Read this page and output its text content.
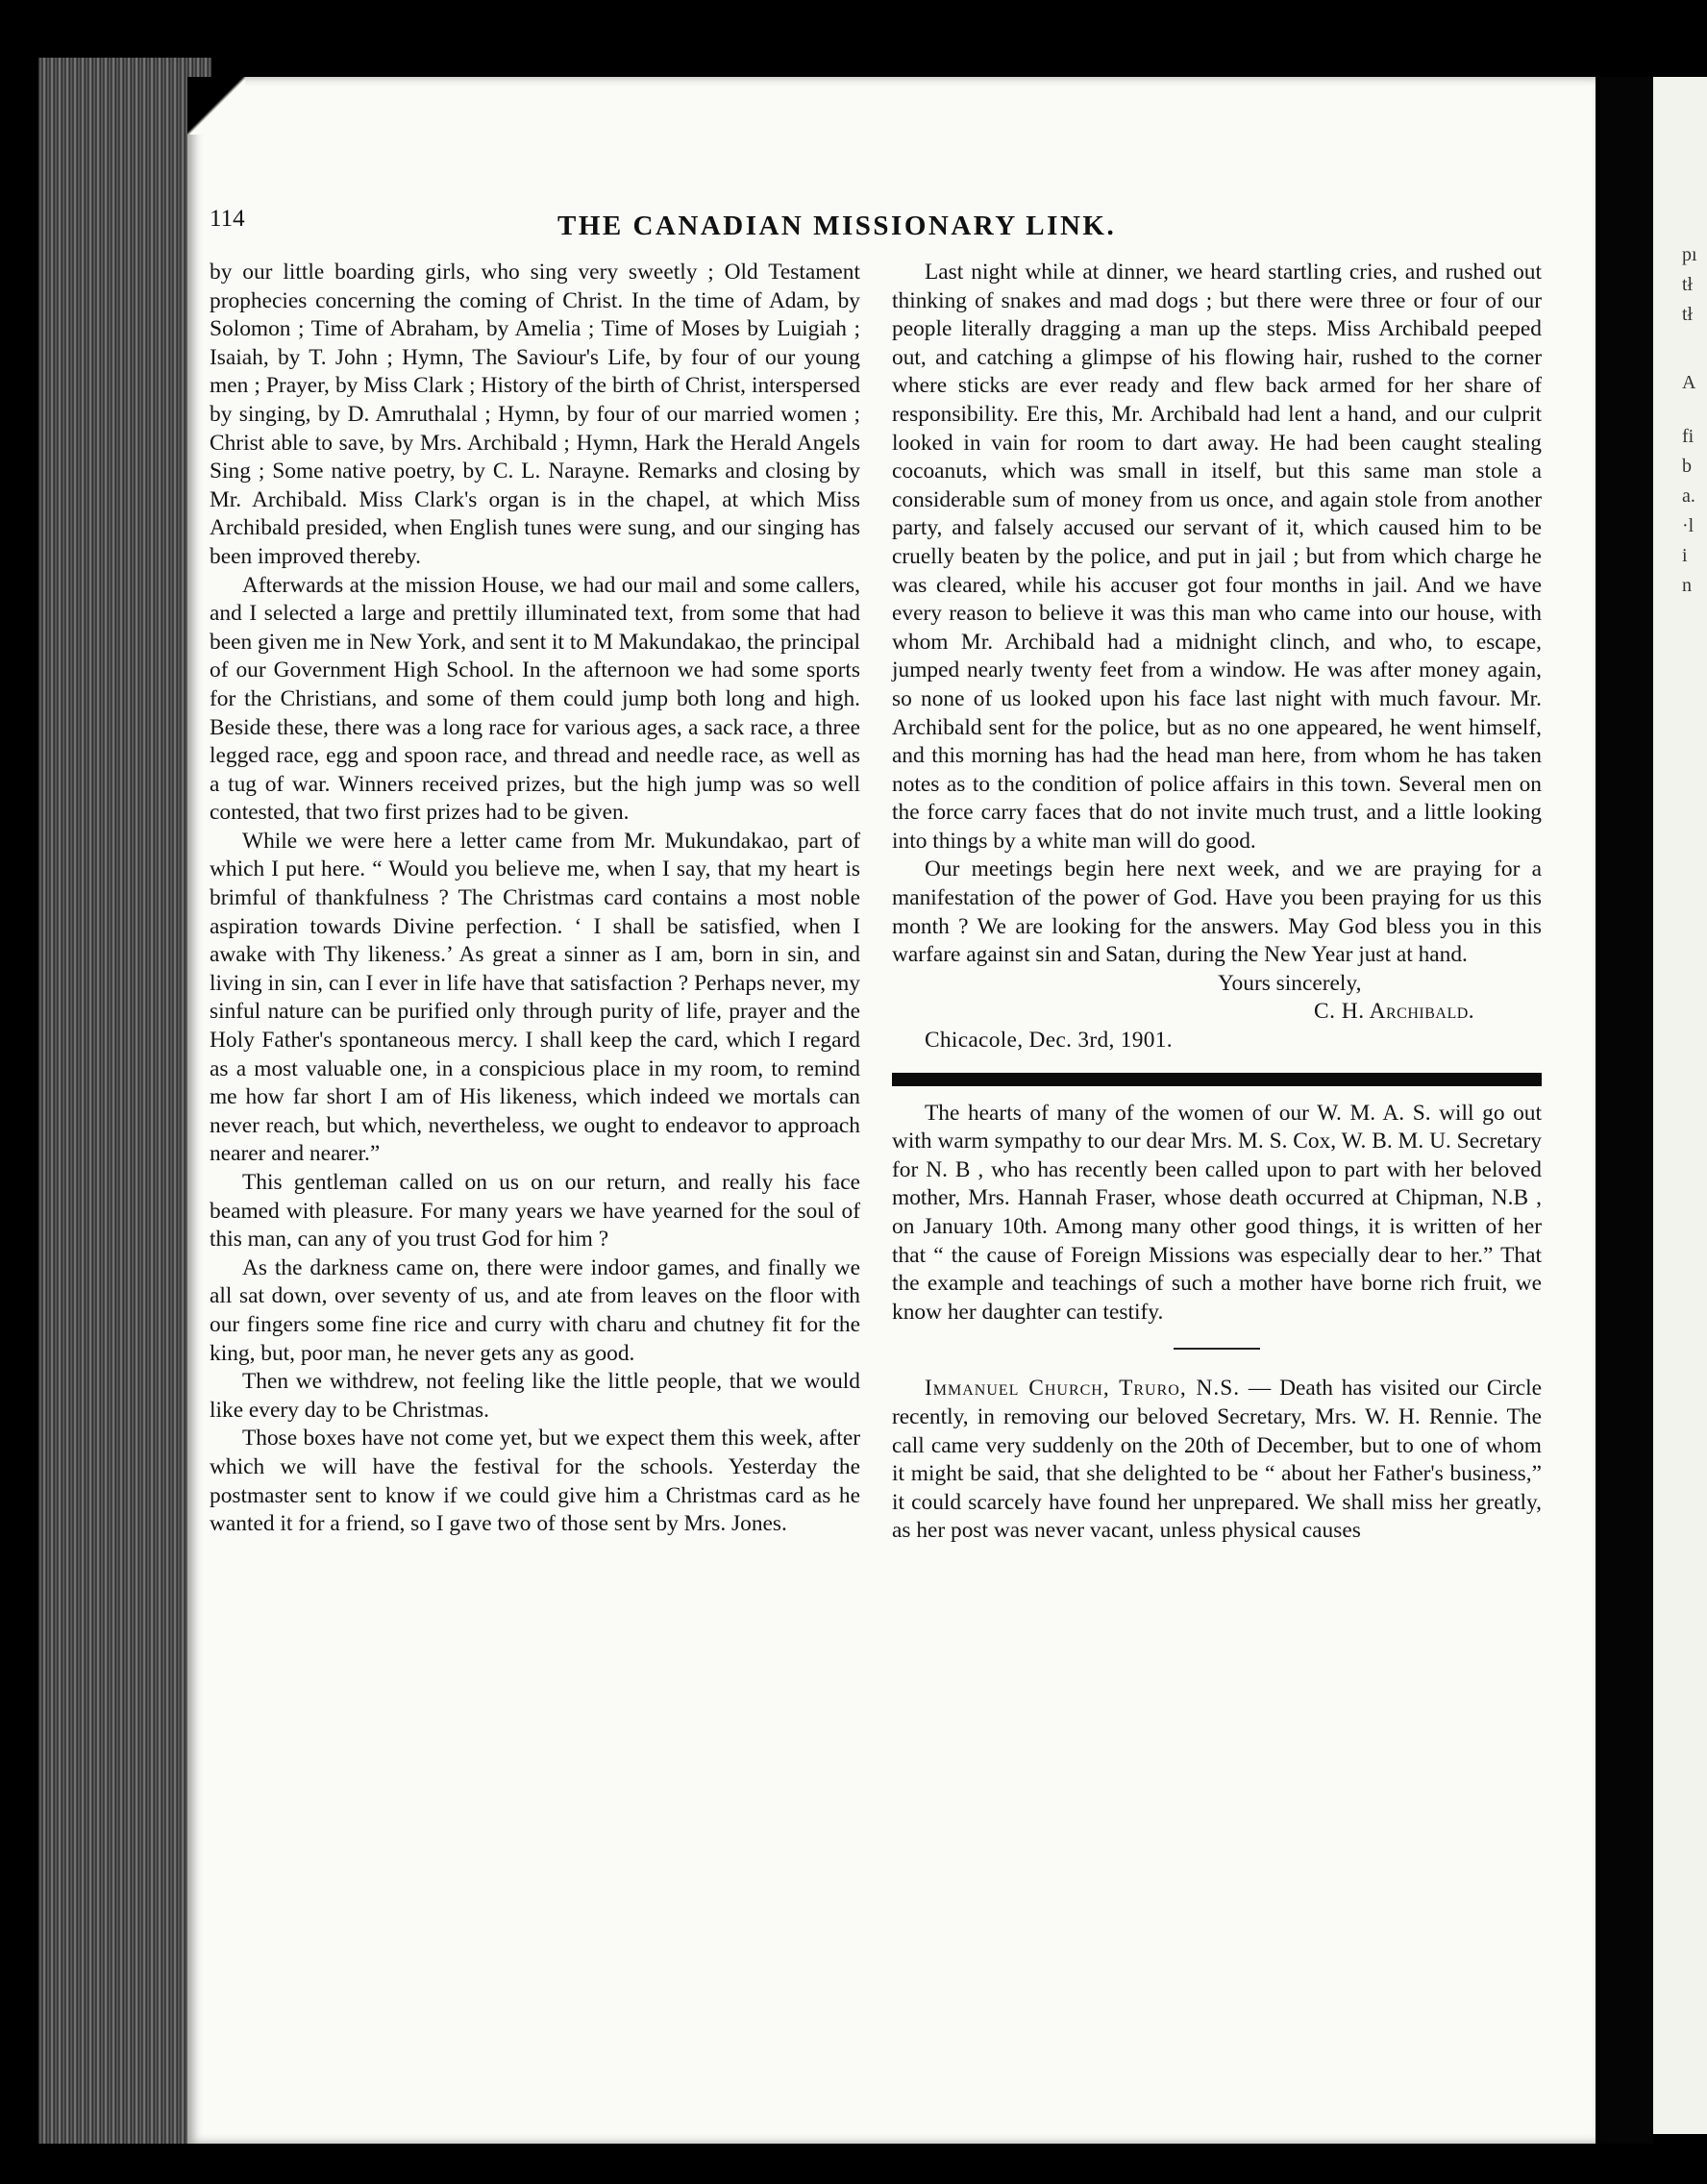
114	THE CANADIAN MISSIONARY LINK.

by our little boarding girls, who sing very sweetly ; Old Testament prophecies concerning the coming of Christ. In the time of Adam, by Solomon ; Time of Abraham, by Amelia ; Time of Moses by Luigiah ; Isaiah, by T. John ; Hymn, The Saviour's Life, by four of our young men ; Prayer, by Miss Clark ; History of the birth of Christ, interspersed by singing, by D. Amruthalal ; Hymn, by four of our married women ; Christ able to save, by Mrs. Archibald ; Hymn, Hark the Herald Angels Sing ; Some native poetry, by C. L. Narayne. Remarks and closing by Mr. Archibald. Miss Clark's organ is in the chapel, at which Miss Archibald presided, when English tunes were sung, and our singing has been improved thereby.

Afterwards at the mission House, we had our mail and some callers, and I selected a large and prettily illuminated text, from some that had been given me in New York, and sent it to M Makundakao, the principal of our Government High School. In the afternoon we had some sports for the Christians, and some of them could jump both long and high. Beside these, there was a long race for various ages, a sack race, a three legged race, egg and spoon race, and thread and needle race, as well as a tug of war. Winners received prizes, but the high jump was so well contested, that two first prizes had to be given.

While we were here a letter came from Mr. Mukundakao, part of which I put here. “ Would you believe me, when I say, that my heart is brimful of thankfulness ? The Christmas card contains a most noble aspiration towards Divine perfection. ‘ I shall be satisfied, when I awake with Thy likeness.’ As great a sinner as I am, born in sin, and living in sin, can I ever in life have that satisfaction ? Perhaps never, my sinful nature can be purified only through purity of life, prayer and the Holy Father's spontaneous mercy. I shall keep the card, which I regard as a most valuable one, in a conspicious place in my room, to remind me how far short I am of His likeness, which indeed we mortals can never reach, but which, nevertheless, we ought to endeavor to approach nearer and nearer.”

This gentleman called on us on our return, and really his face beamed with pleasure. For many years we have yearned for the soul of this man, can any of you trust God for him ?

As the darkness came on, there were indoor games, and finally we all sat down, over seventy of us, and ate from leaves on the floor with our fingers some fine rice and curry with charu and chutney fit for the king, but, poor man, he never gets any as good.

Then we withdrew, not feeling like the little people, that we would like every day to be Christmas.

Those boxes have not come yet, but we expect them this week, after which we will have the festival for the schools. Yesterday the postmaster sent to know if we could give him a Christmas card as he wanted it for a friend, so I gave two of those sent by Mrs. Jones.

Last night while at dinner, we heard startling cries, and rushed out thinking of snakes and mad dogs ; but there were three or four of our people literally dragging a man up the steps. Miss Archibald peeped out, and catching a glimpse of his flowing hair, rushed to the corner where sticks are ever ready and flew back armed for her share of responsibility. Ere this, Mr. Archibald had lent a hand, and our culprit looked in vain for room to dart away. He had been caught stealing cocoanuts, which was small in itself, but this same man stole a considerable sum of money from us once, and again stole from another party, and falsely accused our servant of it, which caused him to be cruelly beaten by the police, and put in jail ; but from which charge he was cleared, while his accuser got four months in jail. And we have every reason to believe it was this man who came into our house, with whom Mr. Archibald had a midnight clinch, and who, to escape, jumped nearly twenty feet from a window. He was after money again, so none of us looked upon his face last night with much favour. Mr. Archibald sent for the police, but as no one appeared, he went himself, and this morning has had the head man here, from whom he has taken notes as to the condition of police affairs in this town. Several men on the force carry faces that do not invite much trust, and a little looking into things by a white man will do good.

Our meetings begin here next week, and we are praying for a manifestation of the power of God. Have you been praying for us this month ? We are looking for the answers. May God bless you in this warfare against sin and Satan, during the New Year just at hand.

Yours sincerely,

C. H. Archibald.

Chicacole, Dec. 3rd, 1901.

The hearts of many of the women of our W. M. A. S. will go out with warm sympathy to our dear Mrs. M. S. Cox, W. B. M. U. Secretary for N. B , who has recently been called upon to part with her beloved mother, Mrs. Hannah Fraser, whose death occurred at Chipman, N.B , on January 10th. Among many other good things, it is written of her that “ the cause of Foreign Missions was especially dear to her.” That the example and teachings of such a mother have borne rich fruit, we know her daughter can testify.

Immanuel Church, Truro, N.S. — Death has visited our Circle recently, in removing our beloved Secretary, Mrs. W. H. Rennie. The call came very suddenly on the 20th of December, but to one of whom it might be said, that she delighted to be “ about her Father's business,” it could scarcely have found her unprepared. We shall miss her greatly, as her post was never vacant, unless physical causes

pı
tł
tł
A
fi
b
a.
·l
i
n
